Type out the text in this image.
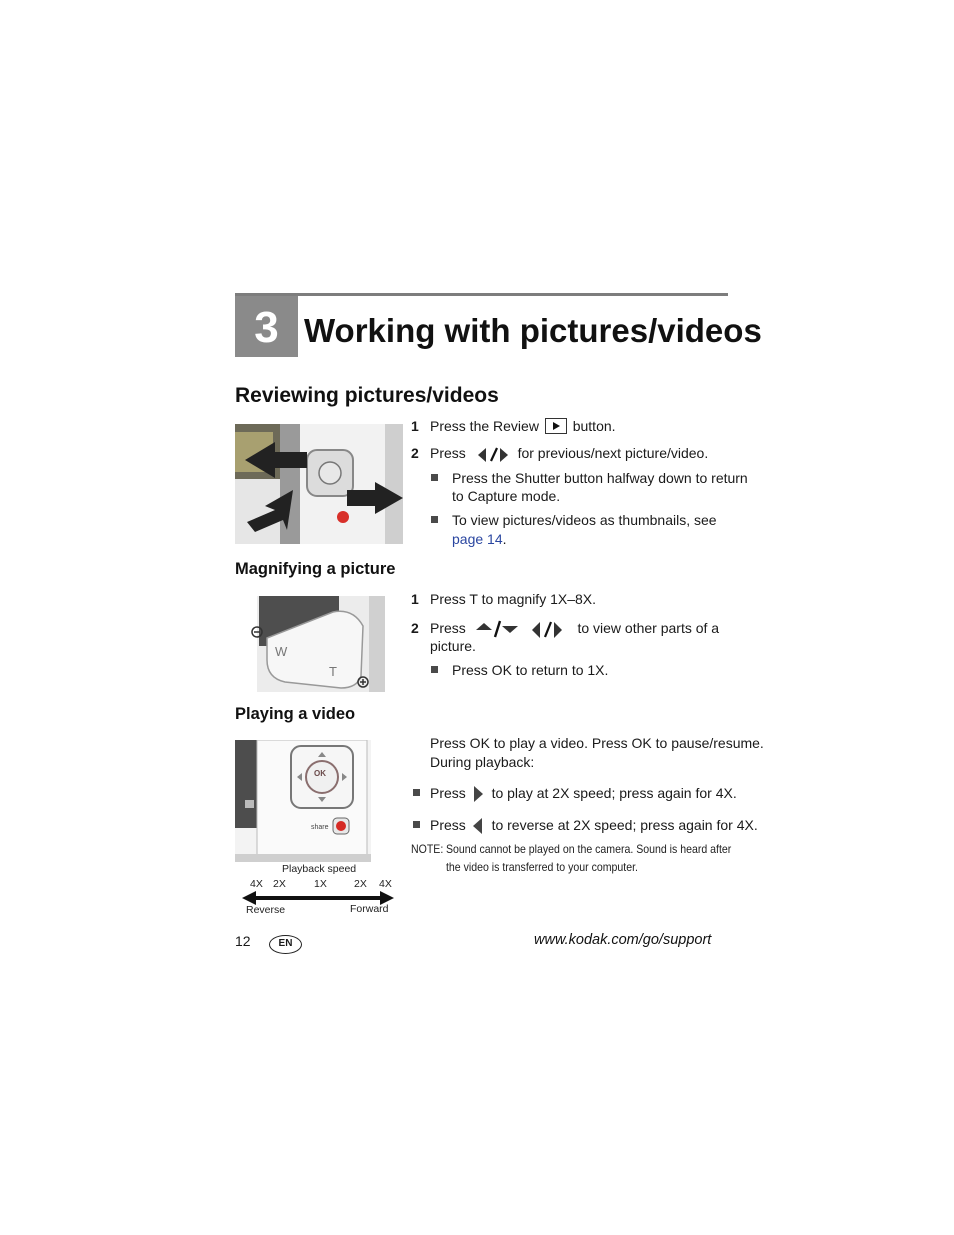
3 Working with pictures/videos
Reviewing pictures/videos
1 Press the Review button.
2 Press	for previous/next picture/video.
Press the Shutter button halfway down to return
to Capture mode.
To view pictures/videos as thumbnails, see
page 14.
Magnifying a picture
W
T
1 Press T to magnify 1X–8X.
2 Press	to view other parts of a
picture.
Press OK to return to 1X.
Playing a video
OK
share
Playback speed
4X 2X	1X	2X 4X
Reverse	Forward
Press OK to play a video. Press OK to pause/resume.
During playback:
Press to play at 2X speed; press again for 4X.
Press to reverse at 2X speed; press again for 4X.
NOTE: Sound cannot be played on the camera. Sound is heard after
the video is transferred to your computer.
12	EN	www.kodak.com/go/support
